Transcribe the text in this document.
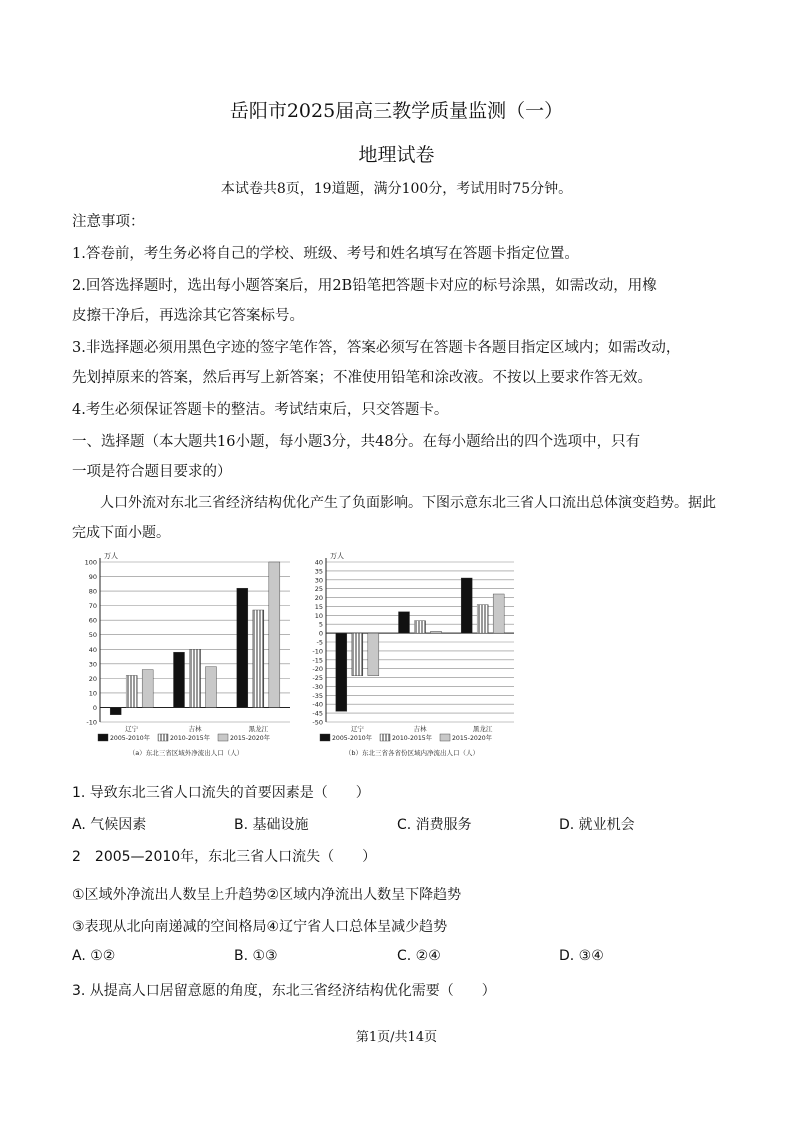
岳阳市2025届高三教学质量监测（一）
地理试卷
本试卷共8页，19道题，满分100分，考试用时75分钟。
注意事项：
1.答卷前，考生务必将自己的学校、班级、考号和姓名填写在答题卡指定位置。
2.回答选择题时，选出每小题答案后，用2B铅笔把答题卡对应的标号涂黑，如需改动，用橡
皮擦干净后，再选涂其它答案标号。
3.非选择题必须用黑色字迹的签字笔作答，答案必须写在答题卡各题目指定区域内；如需改动，
先划掉原来的答案，然后再写上新答案；不准使用铅笔和涂改液。不按以上要求作答无效。
4.考生必须保证答题卡的整洁。考试结束后，只交答题卡。
一、选择题（本大题共16小题，每小题3分，共48分。在每小题给出的四个选项中，只有
一项是符合题目要求的）
人口外流对东北三省经济结构优化产生了负面影响。下图示意东北三省人口流出总体演变趋势。据此
完成下面小题。
-10
0
10
20
30
40
50
60
70
80
90
100
万人
辽宁	吉林	黑龙江
2005-2010年	2010-2015年	2015-2020年
（a）东北三省区域外净流出人口（人）
-50
-45
-40
-35
-30
-25
-20
-15
-10
-5
0
5
10
15
20
25
30
35
40
万人
辽宁	吉林	黑龙江
2005-2010年	2010-2015年	2015-2020年
（b）东北三省各省份区域内净流出人口（人）
1. 导致东北三省人口流失的首要因素是（　　）
A. 气候因素	B. 基础设施	C. 消费服务	D. 就业机会
2　2005—2010年，东北三省人口流失（　　）
①区域外净流出人数呈上升趋势②区域内净流出人数呈下降趋势
③表现从北向南递减的空间格局④辽宁省人口总体呈减少趋势
A. ①②	B. ①③	C. ②④	D. ③④
3. 从提高人口居留意愿的角度，东北三省经济结构优化需要（　　）
第1页/共14页
